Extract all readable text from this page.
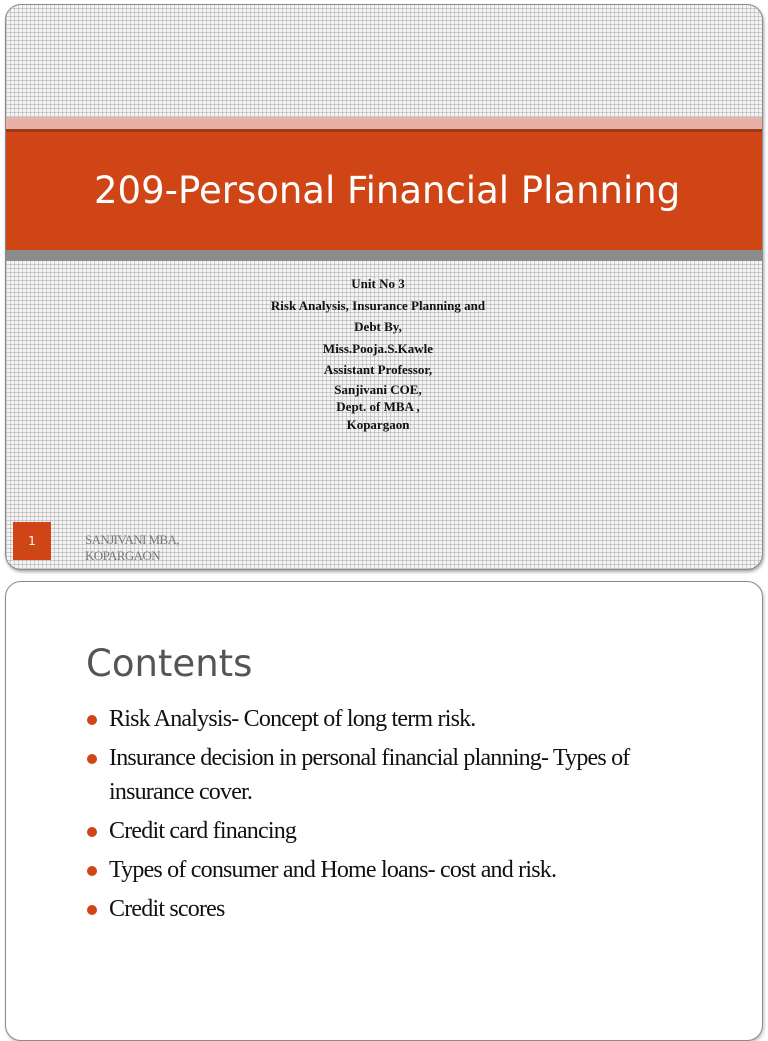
209-Personal Financial Planning
Unit No 3
Risk Analysis, Insurance Planning and
Debt By,
Miss.Pooja.S.Kawle
Assistant Professor,
Sanjivani COE,
Dept. of MBA ,
Kopargaon
1	SANJIVANI MBA,
KOPARGAON
Contents
Risk Analysis- Concept of long term risk.
Insurance decision in personal financial planning- Types of insurance cover.
Credit card financing
Types of consumer and Home loans- cost and risk.
Credit scores
